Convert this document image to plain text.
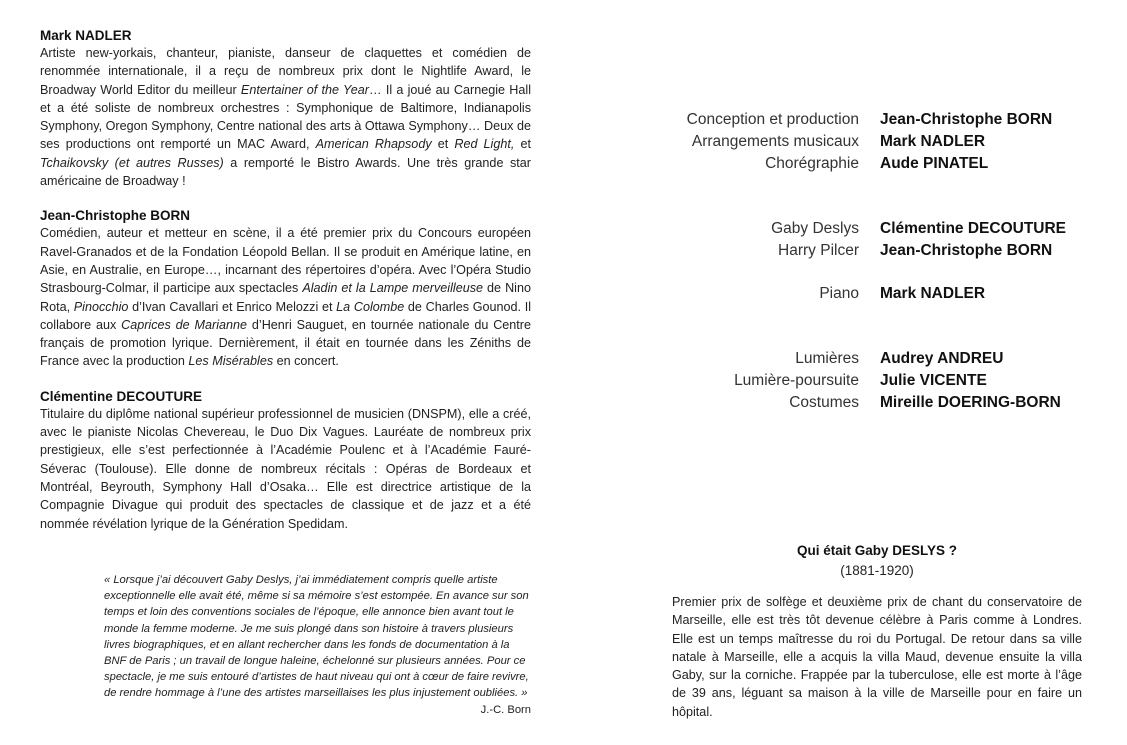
Mark NADLER

Artiste new-yorkais, chanteur, pianiste, danseur de claquettes et comédien de renommée internationale, il a reçu de nombreux prix dont le Nightlife Award, le Broadway World Editor du meilleur Entertainer of the Year… Il a joué au Carnegie Hall et a été soliste de nombreux orchestres : Symphonique de Baltimore, Indianapolis Symphony, Oregon Symphony, Centre national des arts à Ottawa Symphony… Deux de ses productions ont remporté un MAC Award, American Rhapsody et Red Light, et Tchaikovsky (et autres Russes) a remporté le Bistro Awards. Une très grande star américaine de Broadway !

Jean-Christophe BORN

Comédien, auteur et metteur en scène, il a été premier prix du Concours européen Ravel-Granados et de la Fondation Léopold Bellan. Il se produit en Amérique latine, en Asie, en Australie, en Europe…, incarnant des répertoires d’opéra. Avec l’Opéra Studio Strasbourg-Colmar, il participe aux spectacles Aladin et la Lampe merveilleuse de Nino Rota, Pinocchio d’Ivan Cavallari et Enrico Melozzi et La Colombe de Charles Gounod. Il collabore aux Caprices de Marianne d’Henri Sauguet, en tournée nationale du Centre français de promotion lyrique. Dernièrement, il était en tournée dans les Zéniths de France avec la production Les Misérables en concert.

Clémentine DECOUTURE

Titulaire du diplôme national supérieur professionnel de musicien (DNSPM), elle a créé, avec le pianiste Nicolas Chevereau, le Duo Dix Vagues. Lauréate de nombreux prix prestigieux, elle s’est perfectionnée à l’Académie Poulenc et à l’Académie Fauré-Séverac (Toulouse). Elle donne de nombreux récitals : Opéras de Bordeaux et Montréal, Beyrouth, Symphony Hall d’Osaka… Elle est directrice artistique de la Compagnie Divague qui produit des spectacles de classique et de jazz et a été nommée révélation lyrique de la Génération Spedidam.

« Lorsque j’ai découvert Gaby Deslys, j’ai immédiatement compris quelle artiste exceptionnelle elle avait été, même si sa mémoire s’est estompée. En avance sur son temps et loin des conventions sociales de l’époque, elle annonce bien avant tout le monde la femme moderne. Je me suis plongé dans son histoire à travers plusieurs livres biographiques, et en allant rechercher dans les fonds de documentation à la BNF de Paris ; un travail de longue haleine, échelonné sur plusieurs années. Pour ce spectacle, je me suis entouré d’artistes de haut niveau qui ont à cœur de faire revivre, de rendre hommage à l’une des artistes marseillaises les plus injustement oubliées. »
J.-C. Born
Conception et production Jean-Christophe BORN
Arrangements musicaux Mark NADLER
Chorégraphie Aude PINATEL
Gaby Deslys Clémentine DECOUTURE
Harry Pilcer Jean-Christophe BORN
Piano Mark NADLER
Lumières Audrey ANDREU
Lumière-poursuite Julie VICENTE
Costumes Mireille DOERING-BORN
Qui était Gaby DESLYS ?
(1881-1920)

Premier prix de solfège et deuxième prix de chant du conservatoire de Marseille, elle est très tôt devenue célèbre à Paris comme à Londres. Elle est un temps maîtresse du roi du Portugal. De retour dans sa ville natale à Marseille, elle a acquis la villa Maud, devenue ensuite la villa Gaby, sur la corniche. Frappée par la tuberculose, elle est morte à l’âge de 39 ans, léguant sa maison à la ville de Marseille pour en faire un hôpital.
